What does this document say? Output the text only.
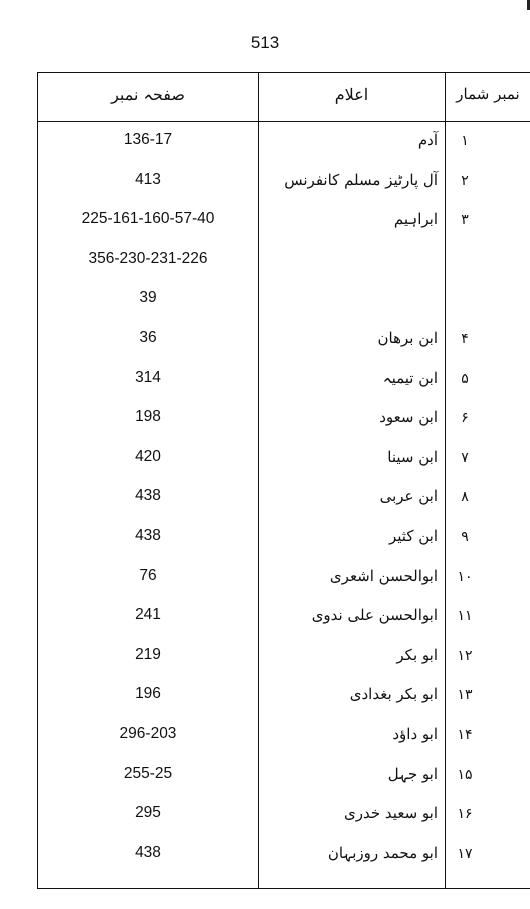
513
صفحہ نمبر	اعلام	نمبر شمار
136-17	آدم	۱
413	آل پارٹیز مسلم کانفرنس	۲
225-161-160-57-40	ابراہیم	۳
356-230-231-226
39
36	ابن برھان	۴
314	ابن تیمیہ	۵
198	ابن سعود	۶
420	ابن سینا	۷
438	ابن عربی	۸
438	ابن کثیر	۹
76	ابوالحسن اشعری	۱۰
241	ابوالحسن علی ندوی	۱۱
219	ابو بکر	۱۲
196	ابو بکر بغدادی	۱۳
296-203	ابو داؤد	۱۴
255-25	ابو جہل	۱۵
295	ابو سعید خدری	۱۶
438	ابو محمد روزبہان	۱۷
